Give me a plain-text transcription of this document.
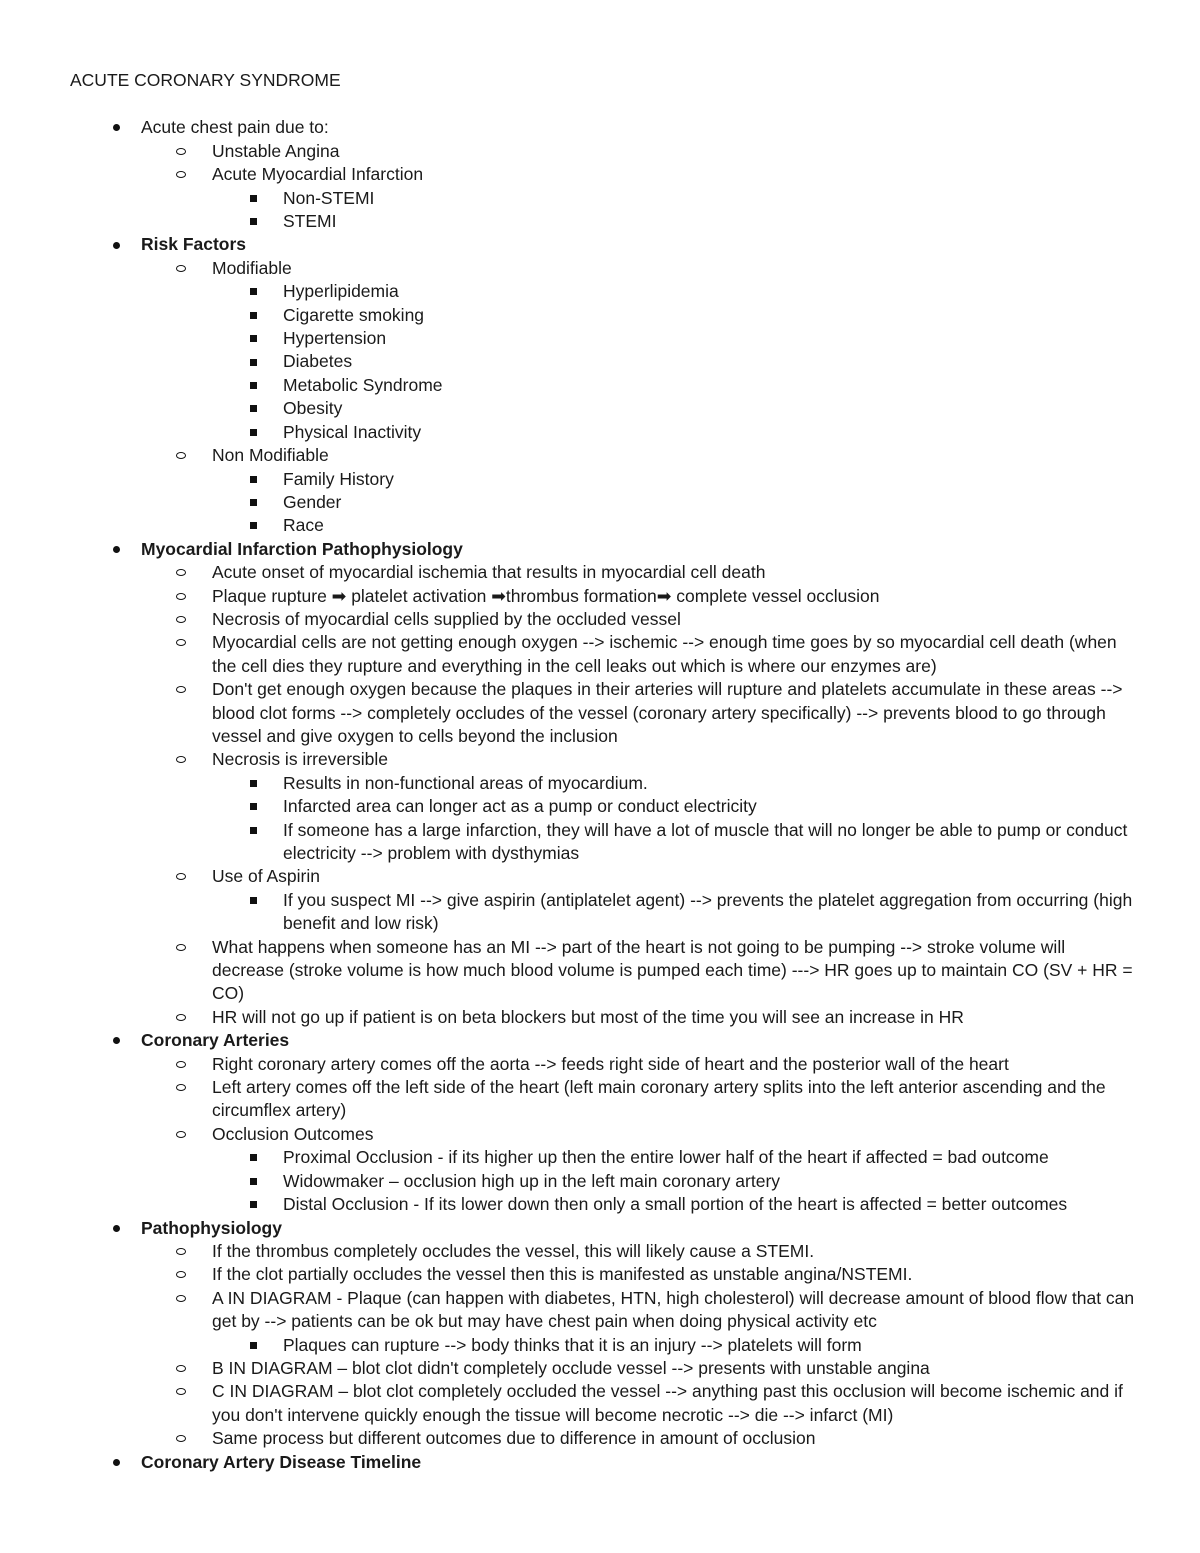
ACUTE CORONARY SYNDROME
Acute chest pain due to:
Unstable Angina
Acute Myocardial Infarction
Non-STEMI
STEMI
Risk Factors
Modifiable
Hyperlipidemia
Cigarette smoking
Hypertension
Diabetes
Metabolic Syndrome
Obesity
Physical Inactivity
Non Modifiable
Family History
Gender
Race
Myocardial Infarction Pathophysiology
Acute onset of myocardial ischemia that results in myocardial cell death
Plaque rupture ➡ platelet activation ➡thrombus formation➡ complete vessel occlusion
Necrosis of myocardial cells supplied by the occluded vessel
Myocardial cells are not getting enough oxygen --> ischemic --> enough time goes by so myocardial cell death (when the cell dies they rupture and everything in the cell leaks out which is where our enzymes are)
Don't get enough oxygen because the plaques in their arteries will rupture and platelets accumulate in these areas --> blood clot forms --> completely occludes of the vessel (coronary artery specifically) --> prevents blood to go through vessel and give oxygen to cells beyond the inclusion
Necrosis is irreversible
Results in non-functional areas of myocardium.
Infarcted area can longer act as a pump or conduct electricity
If someone has a large infarction, they will have a lot of muscle that will no longer be able to pump or conduct electricity --> problem with dysthymias
Use of Aspirin
If you suspect MI --> give aspirin (antiplatelet agent) --> prevents the platelet aggregation from occurring (high benefit and low risk)
What happens when someone has an MI --> part of the heart is not going to be pumping --> stroke volume will decrease (stroke volume is how much blood volume is pumped each time) ---> HR goes up to maintain CO (SV + HR = CO)
HR will not go up if patient is on beta blockers but most of the time you will see an increase in HR
Coronary Arteries
Right coronary artery comes off the aorta --> feeds right side of heart and the posterior wall of the heart
Left artery comes off the left side of the heart (left main coronary artery splits into the left anterior ascending and the circumflex artery)
Occlusion Outcomes
Proximal Occlusion - if its higher up then the entire lower half of the heart if affected = bad outcome
Widowmaker – occlusion high up in the left main coronary artery
Distal Occlusion - If its lower down then only a small portion of the heart is affected = better outcomes
Pathophysiology
If the thrombus completely occludes the vessel, this will likely cause a STEMI.
If the clot partially occludes the vessel then this is manifested as unstable angina/NSTEMI.
A IN DIAGRAM - Plaque (can happen with diabetes, HTN, high cholesterol) will decrease amount of blood flow that can get by --> patients can be ok but may have chest pain when doing physical activity etc
Plaques can rupture --> body thinks that it is an injury --> platelets will form
B IN DIAGRAM – blot clot didn't completely occlude vessel --> presents with unstable angina
C IN DIAGRAM – blot clot completely occluded the vessel --> anything past this occlusion will become ischemic and if you don't intervene quickly enough the tissue will become necrotic --> die --> infarct (MI)
Same process but different outcomes due to difference in amount of occlusion
Coronary Artery Disease Timeline
